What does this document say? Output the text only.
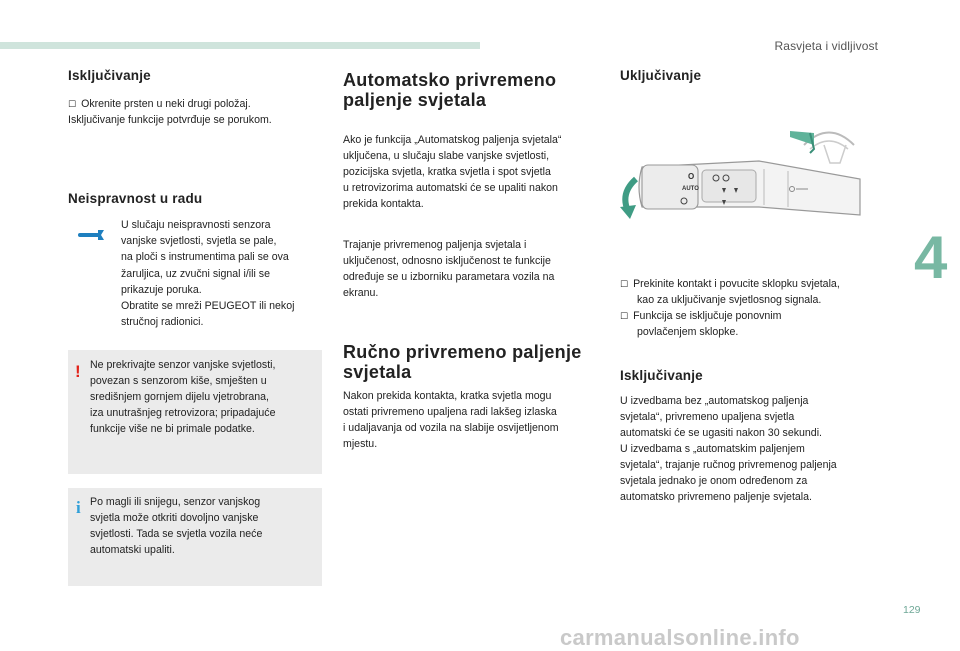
Rasvjeta i vidljivost
4
129
carmanualsonline.info
Isključivanje
☐ Okrenite prsten u neki drugi položaj.
Isključivanje funkcije potvrđuje se porukom.
Neispravnost u radu
U slučaju neispravnosti senzora
vanjske svjetlosti, svjetla se pale,
na ploči s instrumentima pali se ova
žaruljica, uz zvučni signal i/ili se
prikazuje poruka.
Obratite se mreži PEUGEOT ili nekoj
stručnoj radionici.
! Ne prekrivajte senzor vanjske svjetlosti,
povezan s senzorom kiše, smješten u
središnjem gornjem dijelu vjetrobrana,
iza unutrašnjeg retrovizora; pripadajuće
funkcije više ne bi primale podatke.
i Po magli ili snijegu, senzor vanjskog
svjetla može otkriti dovoljno vanjske
svjetlosti. Tada se svjetla vozila neće
automatski upaliti.
Automatsko privremeno
paljenje svjetala
Ako je funkcija „Automatskog paljenja svjetala“
uključena, u slučaju slabe vanjske svjetlosti,
pozicijska svjetla, kratka svjetla i spot svjetla
u retrovizorima automatski će se upaliti nakon
prekida kontakta.
Trajanje privremenog paljenja svjetala i
uključenost, odnosno isključenost te funkcije
određuje se u izborniku parametara vozila na
ekranu.
Ručno privremeno paljenje
svjetala
Nakon prekida kontakta, kratka svjetla mogu
ostati privremeno upaljena radi lakšeg izlaska
i udaljavanja od vozila na slabije osvijetljenom
mjestu.
Uključivanje
O
AUTO
☐ Prekinite kontakt i povucite sklopku svjetala,
kao za uključivanje svjetlosnog signala.
☐ Funkcija se isključuje ponovnim
povlačenjem sklopke.
Isključivanje
U izvedbama bez „automatskog paljenja
svjetala“, privremeno upaljena svjetla
automatski će se ugasiti nakon 30 sekundi.
U izvedbama s „automatskim paljenjem
svjetala“, trajanje ručnog privremenog paljenja
svjetala jednako je onom određenom za
automatsko privremeno paljenje svjetala.
